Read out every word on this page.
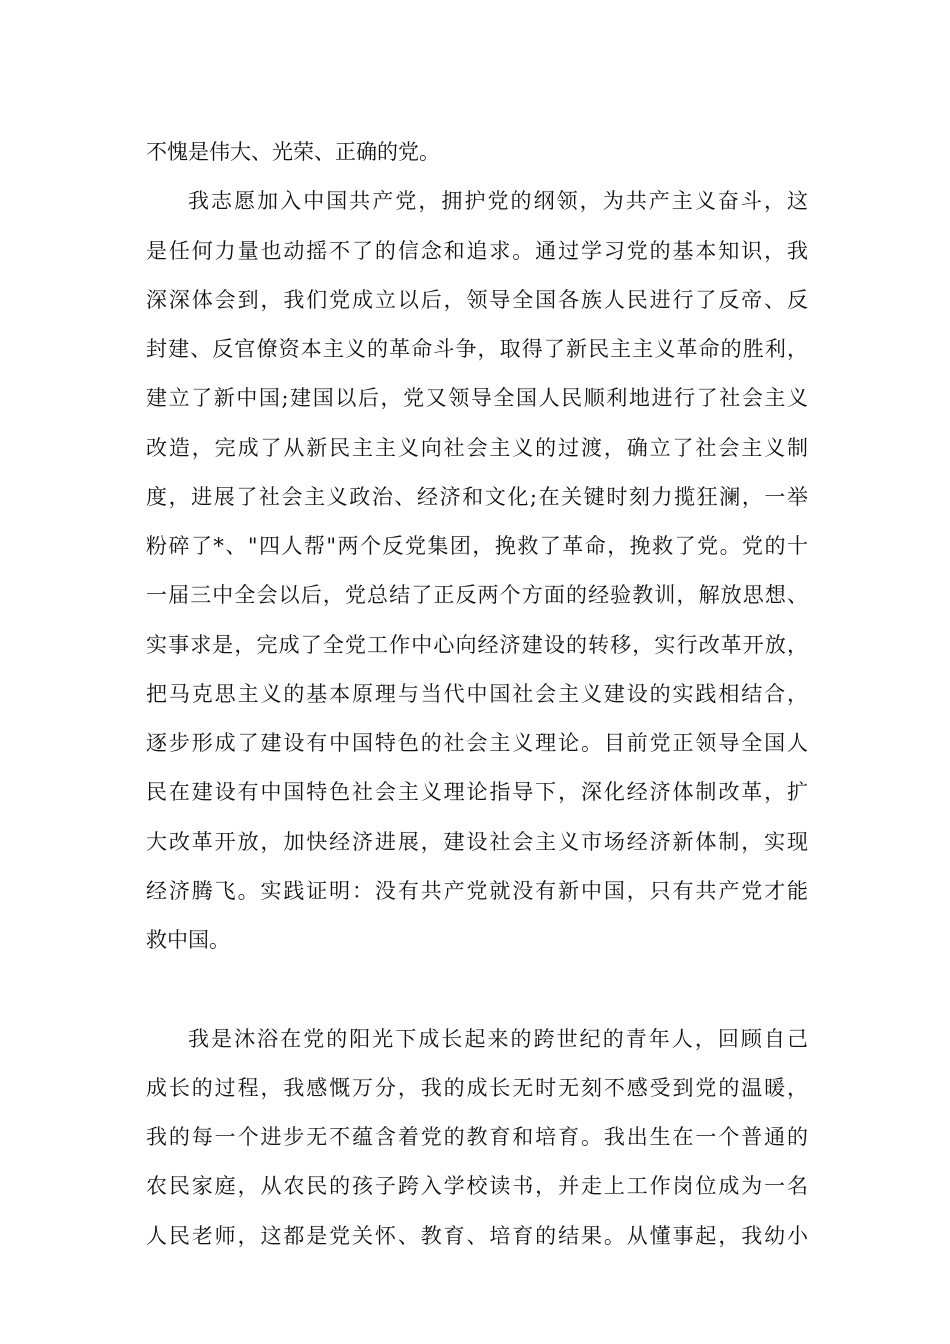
不愧是伟大、光荣、正确的党。
我志愿加入中国共产党，拥护党的纲领，为共产主义奋斗，这
是任何力量也动摇不了的信念和追求。通过学习党的基本知识，我
深深体会到，我们党成立以后，领导全国各族人民进行了反帝、反
封建、反官僚资本主义的革命斗争，取得了新民主主义革命的胜利，
建立了新中国;建国以后，党又领导全国人民顺利地进行了社会主义
改造，完成了从新民主主义向社会主义的过渡，确立了社会主义制
度，进展了社会主义政治、经济和文化;在关键时刻力揽狂澜，一举
粉碎了*、"四人帮"两个反党集团，挽救了革命，挽救了党。党的十
一届三中全会以后，党总结了正反两个方面的经验教训，解放思想、
实事求是，完成了全党工作中心向经济建设的转移，实行改革开放，
把马克思主义的基本原理与当代中国社会主义建设的实践相结合，
逐步形成了建设有中国特色的社会主义理论。目前党正领导全国人
民在建设有中国特色社会主义理论指导下，深化经济体制改革，扩
大改革开放，加快经济进展，建设社会主义市场经济新体制，实现
经济腾飞。实践证明：没有共产党就没有新中国，只有共产党才能
救中国。
我是沐浴在党的阳光下成长起来的跨世纪的青年人，回顾自己
成长的过程，我感慨万分，我的成长无时无刻不感受到党的温暖，
我的每一个进步无不蕴含着党的教育和培育。我出生在一个普通的
农民家庭，从农民的孩子跨入学校读书，并走上工作岗位成为一名
人民老师，这都是党关怀、教育、培育的结果。从懂事起，我幼小
